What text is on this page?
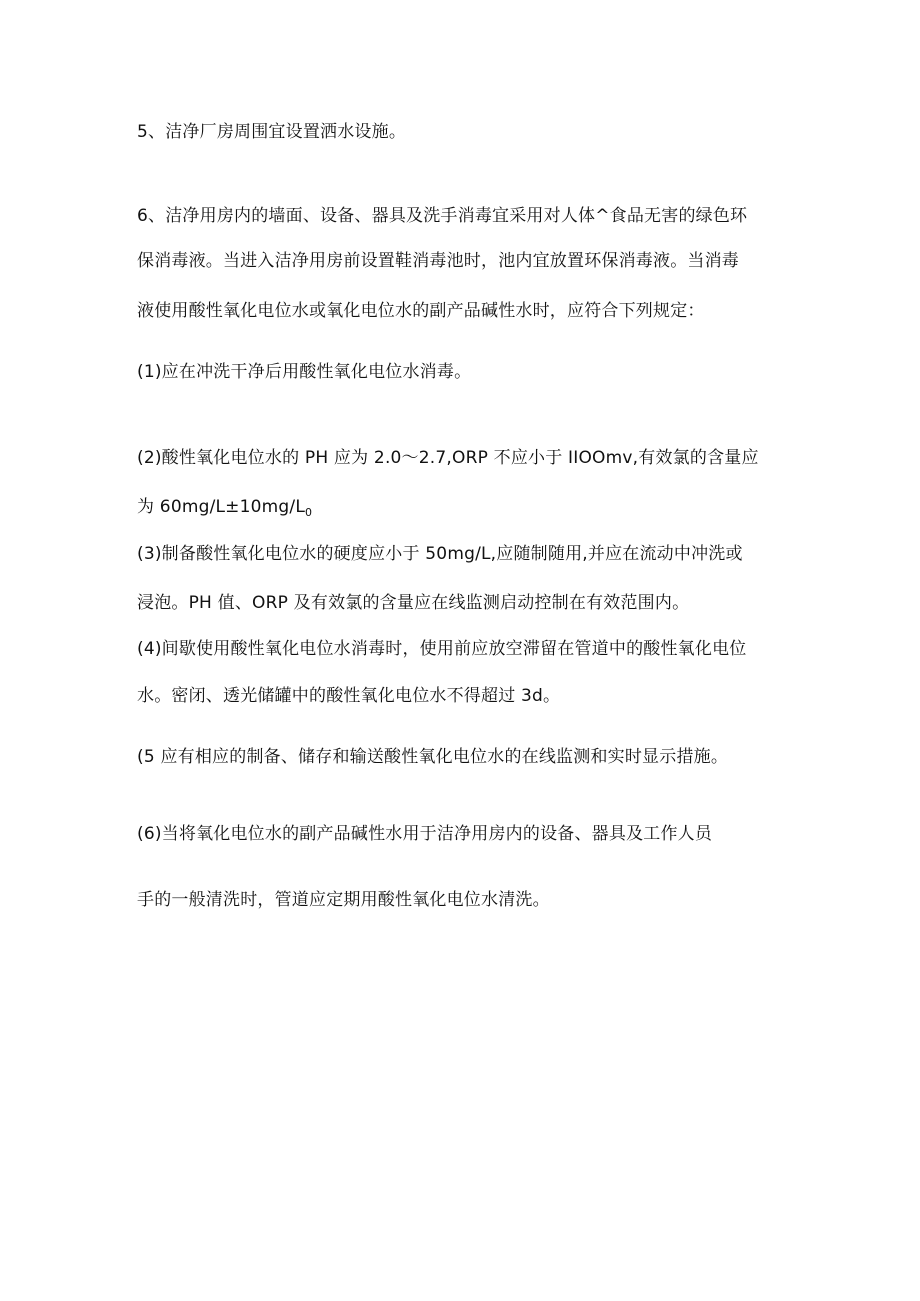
5、洁净厂房周围宜设置洒水设施。
6、洁净用房内的墙面、设备、器具及洗手消毒宜采用对人体^食品无害的绿色环
保消毒液。当进入洁净用房前设置鞋消毒池时，池内宜放置环保消毒液。当消毒
液使用酸性氧化电位水或氧化电位水的副产品碱性水时，应符合下列规定：
(1)应在冲洗干净后用酸性氧化电位水消毒。
(2)酸性氧化电位水的 PH 应为 2.0～2.7,ORP 不应小于 IIOOmv,有效氯的含量应
为 $60mg/L\pm 10mg/L_0$
(3)制备酸性氧化电位水的硬度应小于 50mg/L,应随制随用,并应在流动中冲洗或
浸泡。PH 值、ORP 及有效氯的含量应在线监测启动控制在有效范围内。
(4)间歇使用酸性氧化电位水消毒时，使用前应放空滞留在管道中的酸性氧化电位
水。密闭、透光储罐中的酸性氧化电位水不得超过 3d。
(5 应有相应的制备、储存和输送酸性氧化电位水的在线监测和实时显示措施。
(6)当将氧化电位水的副产品碱性水用于洁净用房内的设备、器具及工作人员
手的一般清洗时，管道应定期用酸性氧化电位水清洗。
